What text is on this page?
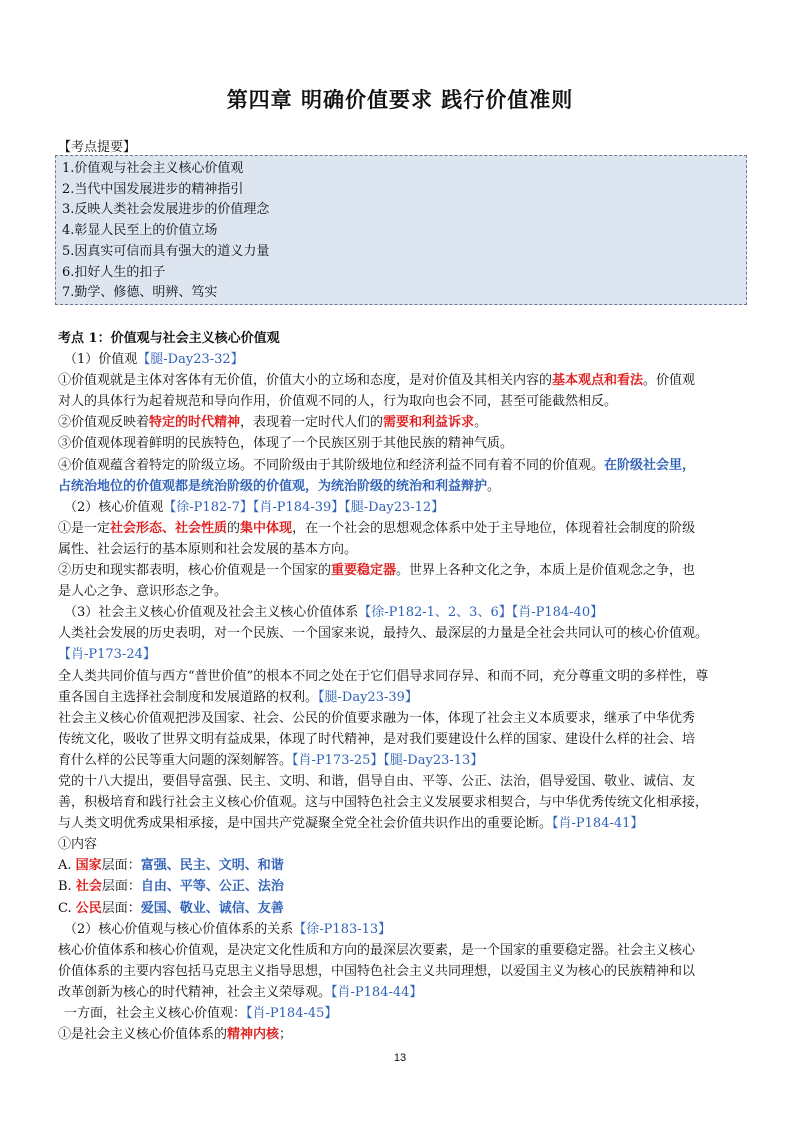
第四章 明确价值要求 践行价值准则
【考点提要】
1.价值观与社会主义核心价值观
2.当代中国发展进步的精神指引
3.反映人类社会发展进步的价值理念
4.彰显人民至上的价值立场
5.因真实可信而具有强大的道义力量
6.扣好人生的扣子
7.勤学、修德、明辨、笃实
考点 1：价值观与社会主义核心价值观
（1）价值观【腿-Day23-32】
①价值观就是主体对客体有无价值，价值大小的立场和态度，是对价值及其相关内容的基本观点和看法。价值观
对人的具体行为起着规范和导向作用，价值观不同的人，行为取向也会不同，甚至可能截然相反。
②价值观反映着特定的时代精神，表现着一定时代人们的需要和利益诉求。
③价值观体现着鲜明的民族特色，体现了一个民族区别于其他民族的精神气质。
④价值观蕴含着特定的阶级立场。不同阶级由于其阶级地位和经济利益不同有着不同的价值观。在阶级社会里，
占统治地位的价值观都是统治阶级的价值观，为统治阶级的统治和利益辩护。
（2）核心价值观【徐-P182-7】【肖-P184-39】【腿-Day23-12】
①是一定社会形态、社会性质的集中体现，在一个社会的思想观念体系中处于主导地位，体现着社会制度的阶级
属性、社会运行的基本原则和社会发展的基本方向。
②历史和现实都表明，核心价值观是一个国家的重要稳定器。世界上各种文化之争，本质上是价值观念之争，也
是人心之争、意识形态之争。
（3）社会主义核心价值观及社会主义核心价值体系【徐-P182-1、2、3、6】【肖-P184-40】
人类社会发展的历史表明，对一个民族、一个国家来说，最持久、最深层的力量是全社会共同认可的核心价值观。
【肖-P173-24】
全人类共同价值与西方“普世价值”的根本不同之处在于它们倡导求同存异、和而不同，充分尊重文明的多样性，尊
重各国自主选择社会制度和发展道路的权利。【腿-Day23-39】
社会主义核心价值观把涉及国家、社会、公民的价值要求融为一体，体现了社会主义本质要求，继承了中华优秀
传统文化，吸收了世界文明有益成果，体现了时代精神，是对我们要建设什么样的国家、建设什么样的社会、培
育什么样的公民等重大问题的深刻解答。【肖-P173-25】【腿-Day23-13】
党的十八大提出，要倡导富强、民主、文明、和谐，倡导自由、平等、公正、法治，倡导爱国、敬业、诚信、友
善，积极培育和践行社会主义核心价值观。这与中国特色社会主义发展要求相契合，与中华优秀传统文化相承接，
与人类文明优秀成果相承接，是中国共产党凝聚全党全社会价值共识作出的重要论断。【肖-P184-41】
①内容
A. 国家层面：富强、民主、文明、和谐
B. 社会层面：自由、平等、公正、法治
C. 公民层面：爱国、敬业、诚信、友善
（2）核心价值观与核心价值体系的关系【徐-P183-13】
核心价值体系和核心价值观，是决定文化性质和方向的最深层次要素，是一个国家的重要稳定器。社会主义核心
价值体系的主要内容包括马克思主义指导思想，中国特色社会主义共同理想，以爱国主义为核心的民族精神和以
改革创新为核心的时代精神，社会主义荣辱观。【肖-P184-44】
一方面，社会主义核心价值观：【肖-P184-45】
①是社会主义核心价值体系的精神内核；
13
